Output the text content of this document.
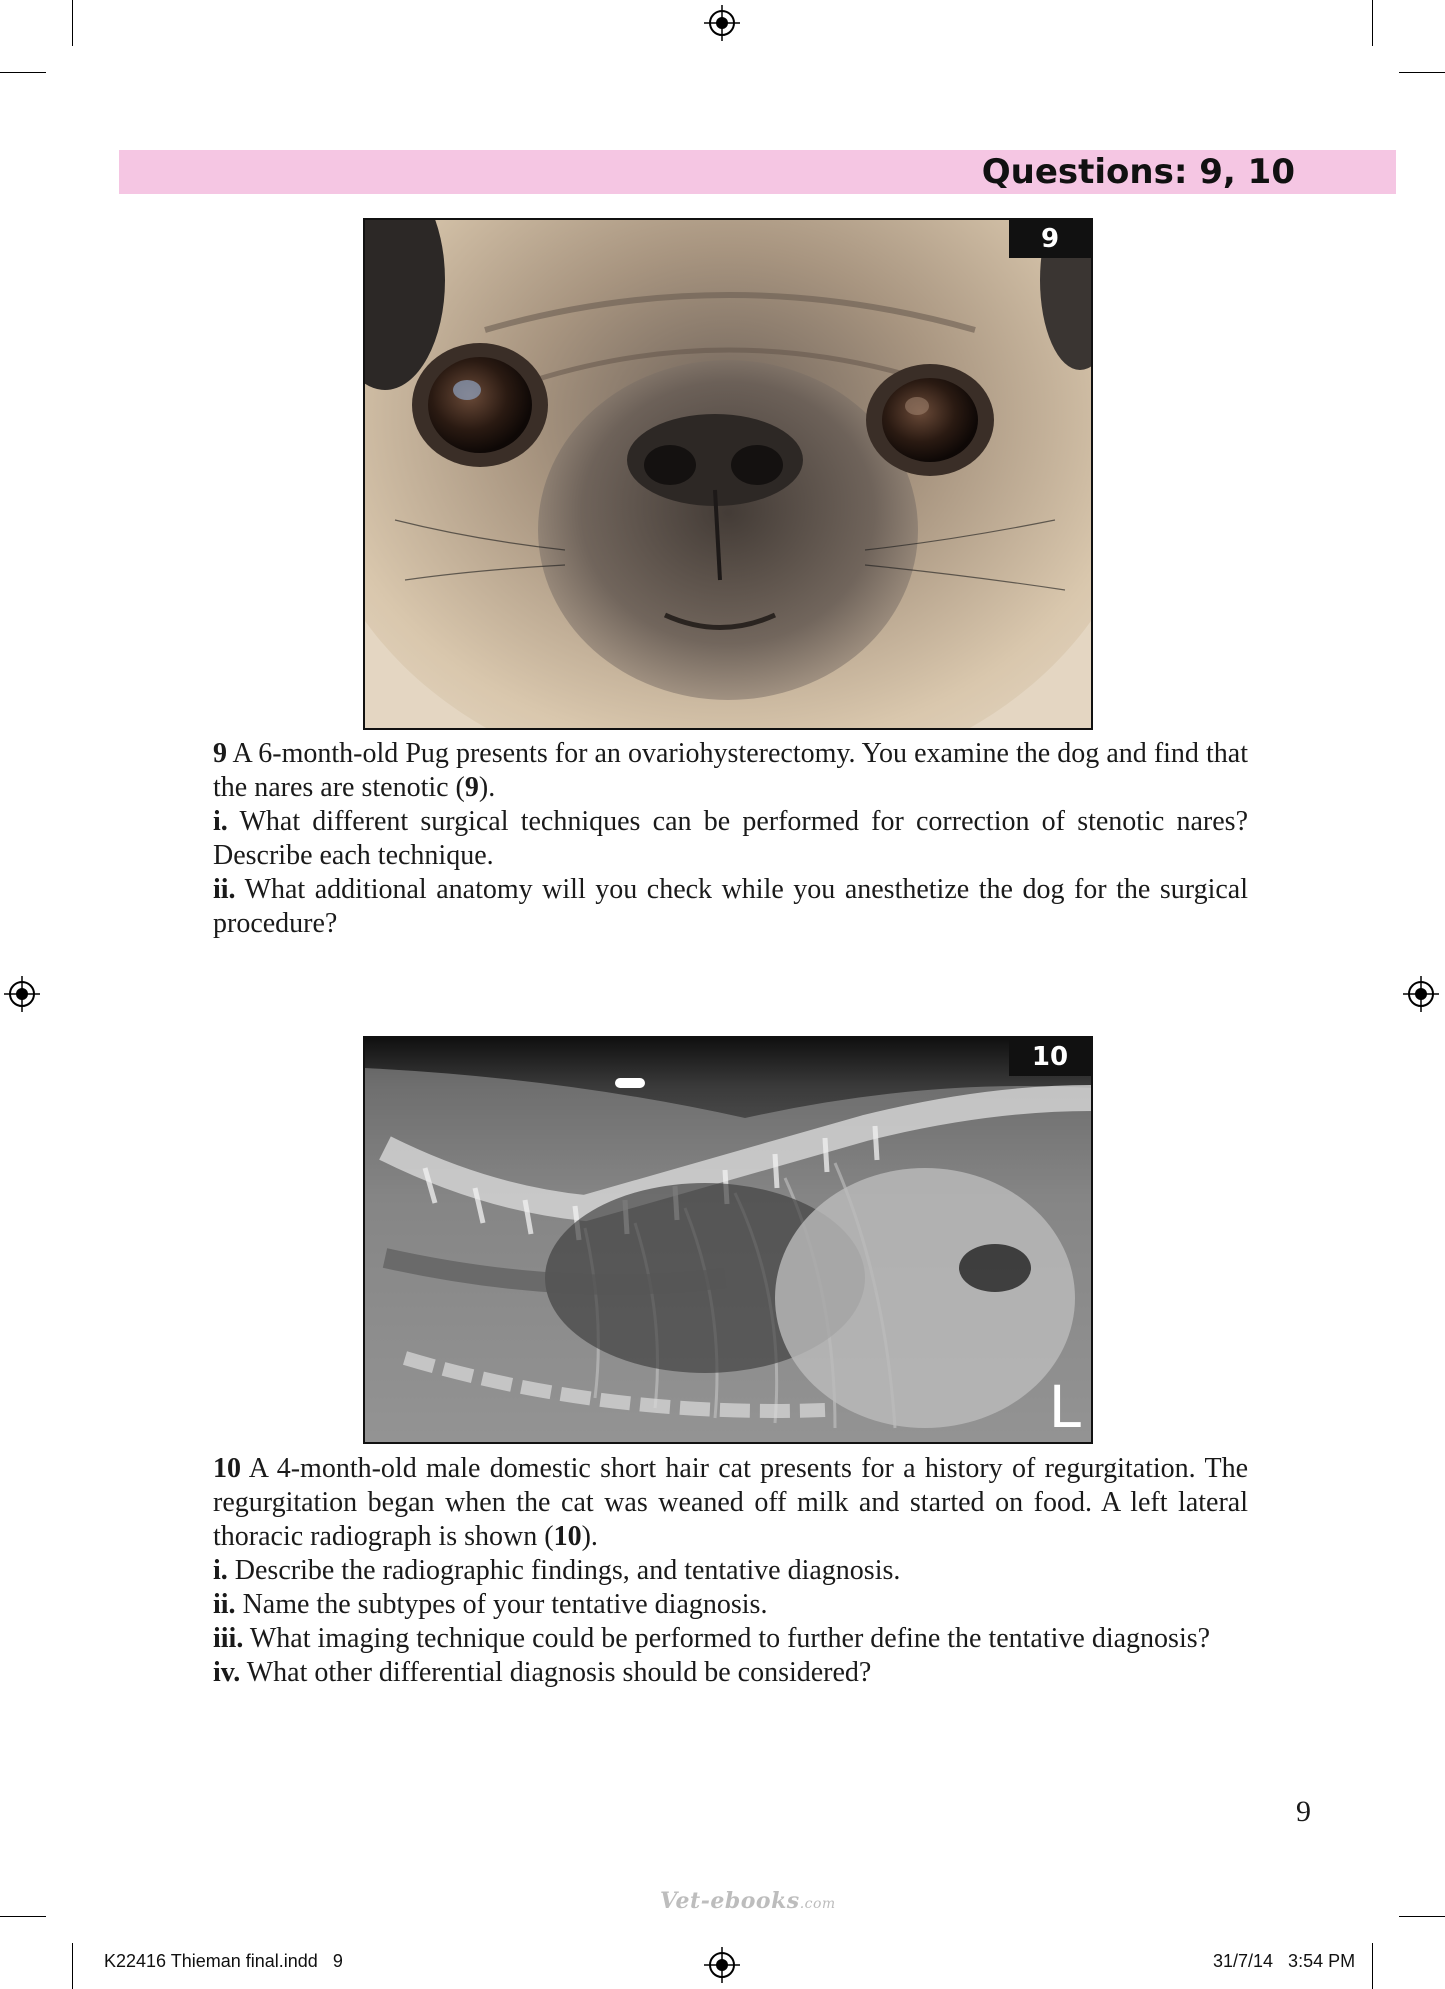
Questions: 9, 10
9

9 A 6-month-old Pug presents for an ovariohysterectomy. You examine the dog and find that the nares are stenotic (9).

i. What different surgical techniques can be performed for correction of stenotic nares? Describe each technique.

ii. What additional anatomy will you check while you anesthetize the dog for the surgical procedure?

10
L

10 A 4-month-old male domestic short hair cat presents for a history of regurgitation. The regurgitation began when the cat was weaned off milk and started on food. A left lateral thoracic radiograph is shown (10).

i. Describe the radiographic findings, and tentative diagnosis.

ii. Name the subtypes of your tentative diagnosis.

iii. What imaging technique could be performed to further define the tentative diagnosis?

iv. What other differential diagnosis should be considered?

9
Vet-ebooks.com
K22416 Thieman final.indd   9	31/7/14   3:54 PM
